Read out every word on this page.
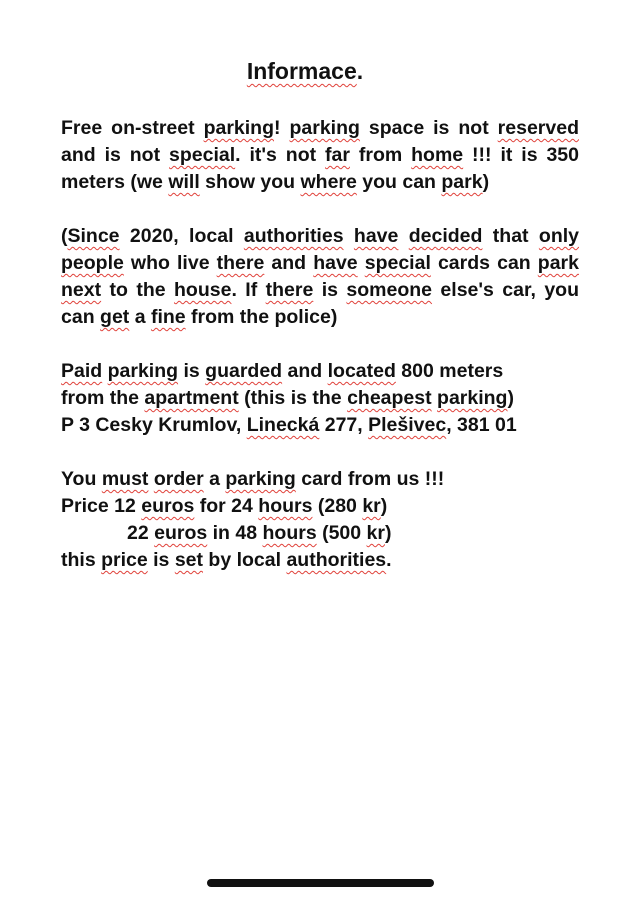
Informace.
Free on-street parking! parking space is not reserved and is not special. it's not far from home !!! it is 350 meters (we will show you where you can park)
(Since 2020, local authorities have decided that only people who live there and have special cards can park next to the house. If there is someone else's car, you can get a fine from the police)
Paid parking is guarded and located 800 meters
from the apartment (this is the cheapest parking)
P 3 Cesky Krumlov, Linecká 277, Plešivec, 381 01
You must order a parking card from us !!!
Price 12 euros for 24 hours (280 kr)
22 euros in 48 hours (500 kr)
this price is set by local authorities.
